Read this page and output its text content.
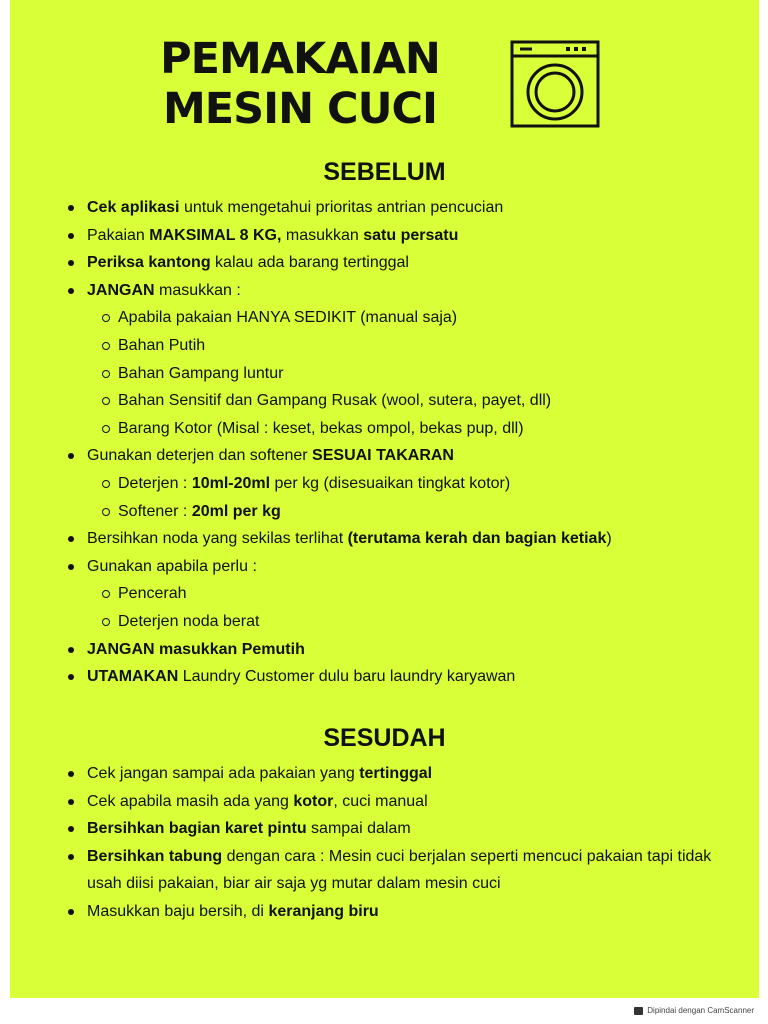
PEMAKAIAN
MESIN CUCI
SEBELUM
Cek aplikasi untuk mengetahui prioritas antrian pencucian
Pakaian MAKSIMAL 8 KG, masukkan satu persatu
Periksa kantong kalau ada barang tertinggal
JANGAN masukkan :
Apabila pakaian HANYA SEDIKIT (manual saja)
Bahan Putih
Bahan Gampang luntur
Bahan Sensitif dan Gampang Rusak (wool, sutera, payet, dll)
Barang Kotor (Misal : keset, bekas ompol, bekas pup, dll)
Gunakan deterjen dan softener SESUAI TAKARAN
Deterjen : 10ml-20ml per kg (disesuaikan tingkat kotor)
Softener : 20ml per kg
Bersihkan noda yang sekilas terlihat (terutama kerah dan bagian ketiak)
Gunakan apabila perlu :
Pencerah
Deterjen noda berat
JANGAN masukkan Pemutih
UTAMAKAN Laundry Customer dulu baru laundry karyawan
SESUDAH
Cek jangan sampai ada pakaian yang tertinggal
Cek apabila masih ada yang kotor, cuci manual
Bersihkan bagian karet pintu sampai dalam
Bersihkan tabung dengan cara : Mesin cuci berjalan seperti mencuci pakaian tapi tidak usah diisi pakaian, biar air saja yg mutar dalam mesin cuci
Masukkan baju bersih, di keranjang biru
Dipindai dengan CamScanner
